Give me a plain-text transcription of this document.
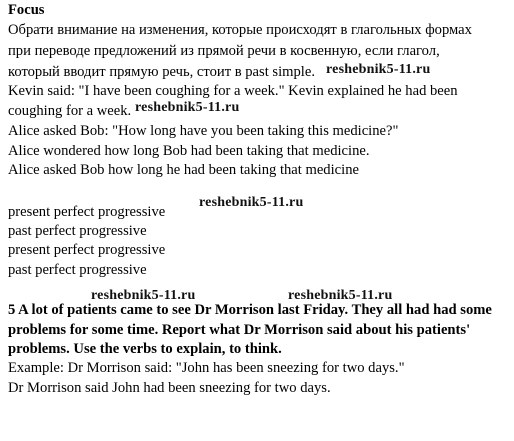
Focus
Обрати внимание на изменения, которые происходят в глагольных формах
при переводе предложений из прямой речи в косвенную, если глагол,
который вводит прямую речь, стоит в past simple.
Kevin said: "I have been coughing for a week." Kevin explained he had been
coughing for a week.
Alice asked Bob: "How long have you been taking this medicine?"
Alice wondered how long Bob had been taking that medicine.
Alice asked Bob how long he had been taking that medicine
present perfect progressive
past perfect progressive
present perfect progressive
past perfect progressive
5 A lot of patients came to see Dr Morrison last Friday. They all had had some
problems for some time. Report what Dr Morrison said about his patients'
problems. Use the verbs to explain, to think.
Example: Dr Morrison said: "John has been sneezing for two days."
Dr Morrison said John had been sneezing for two days.
reshebnik5-11.ru
reshebnik5-11.ru
reshebnik5-11.ru
reshebnik5-11.ru	reshebnik5-11.ru
